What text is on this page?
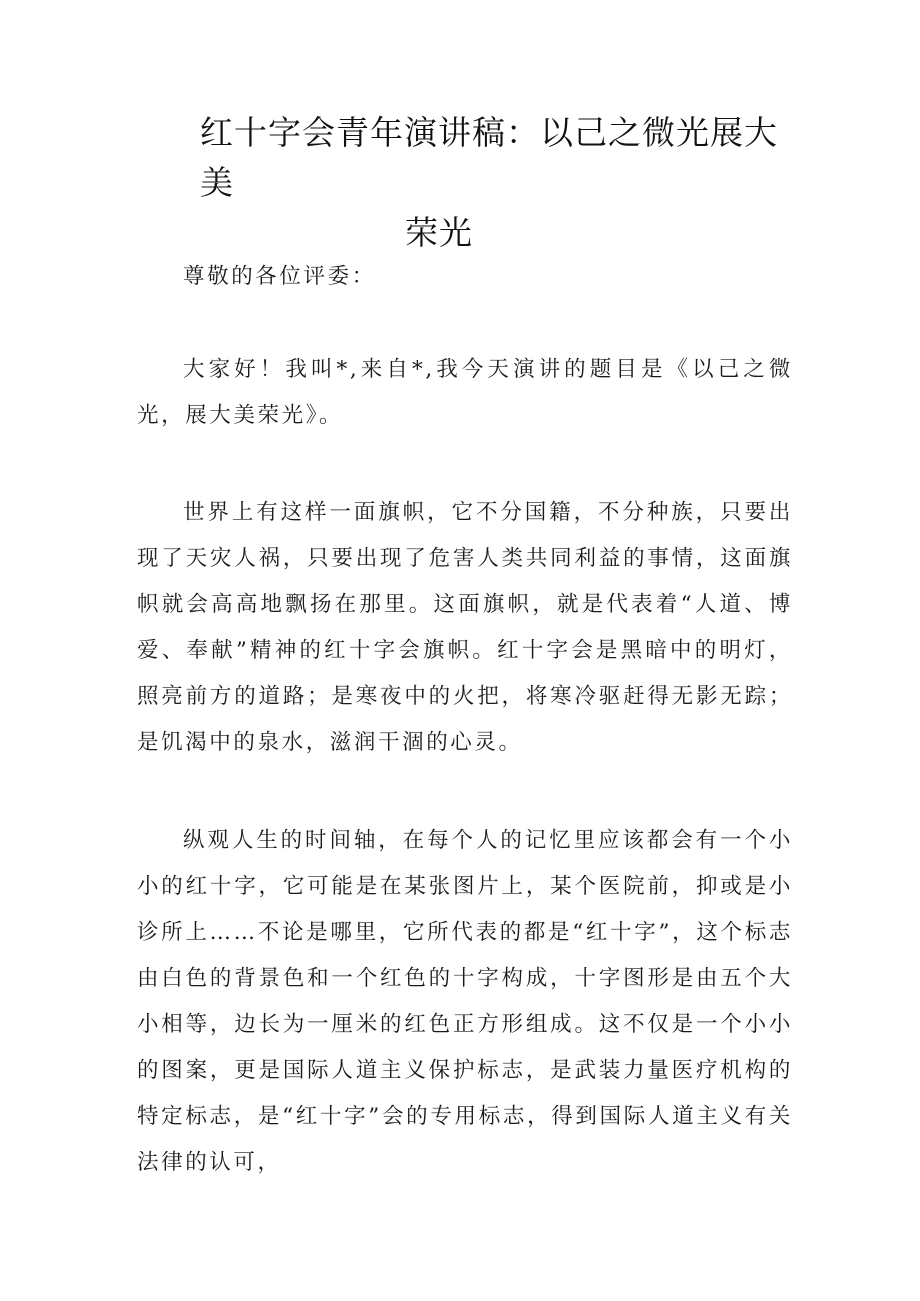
红十字会青年演讲稿：以己之微光展大美
荣光

尊敬的各位评委：

大家好！我叫*,来自*,我今天演讲的题目是《以己之微光，展大美荣光》。

世界上有这样一面旗帜，它不分国籍，不分种族，只要出现了天灾人祸，只要出现了危害人类共同利益的事情，这面旗帜就会高高地飘扬在那里。这面旗帜，就是代表着“人道、博爱、奉献”精神的红十字会旗帜。红十字会是黑暗中的明灯，照亮前方的道路；是寒夜中的火把，将寒冷驱赶得无影无踪；是饥渴中的泉水，滋润干涸的心灵。

纵观人生的时间轴，在每个人的记忆里应该都会有一个小小的红十字，它可能是在某张图片上，某个医院前，抑或是小诊所上……不论是哪里，它所代表的都是“红十字”，这个标志由白色的背景色和一个红色的十字构成，十字图形是由五个大小相等，边长为一厘米的红色正方形组成。这不仅是一个小小的图案，更是国际人道主义保护标志，是武装力量医疗机构的特定标志，是“红十字”会的专用标志，得到国际人道主义有关法律的认可，
